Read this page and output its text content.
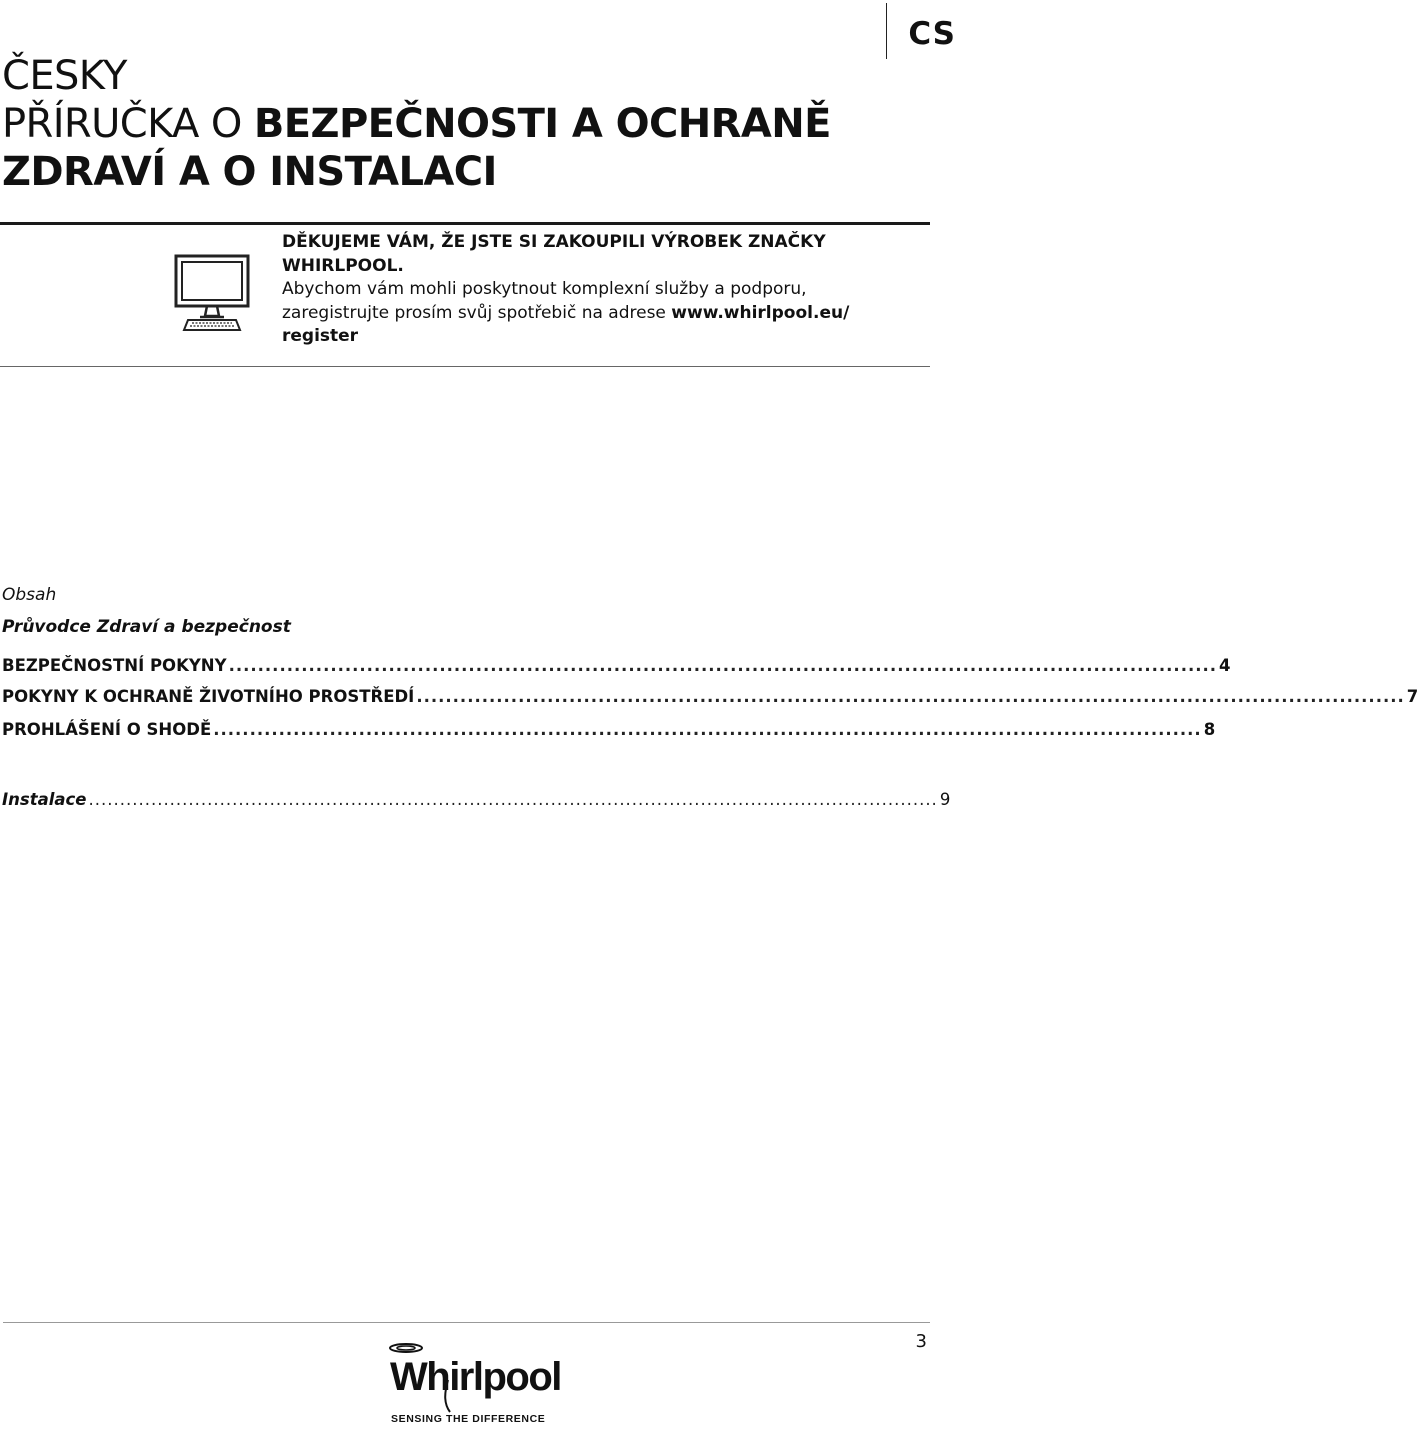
CS
ČESKY
PŘÍRUČKA O BEZPEČNOSTI A OCHRANĚ
ZDRAVÍ A O INSTALACI
DĚKUJEME VÁM, ŽE JSTE SI ZAKOUPILI VÝROBEK ZNAČKY WHIRLPOOL.
Abychom vám mohli poskytnout komplexní služby a podporu,
zaregistrujte prosím svůj spotřebič na adrese www.whirlpool.eu/ register
Obsah
Průvodce Zdraví a bezpečnost
BEZPEČNOSTNÍ POKYNY ........................................................................................................................................ 4
POKYNY K OCHRANĚ ŽIVOTNÍHO PROSTŘEDÍ ........................................................................................................................................ 7
PROHLÁŠENÍ O SHODĚ ........................................................................................................................................ 8
Instalace ........................................................................................................................................ 9
3
Whirlpool
SENSING THE DIFFERENCE
